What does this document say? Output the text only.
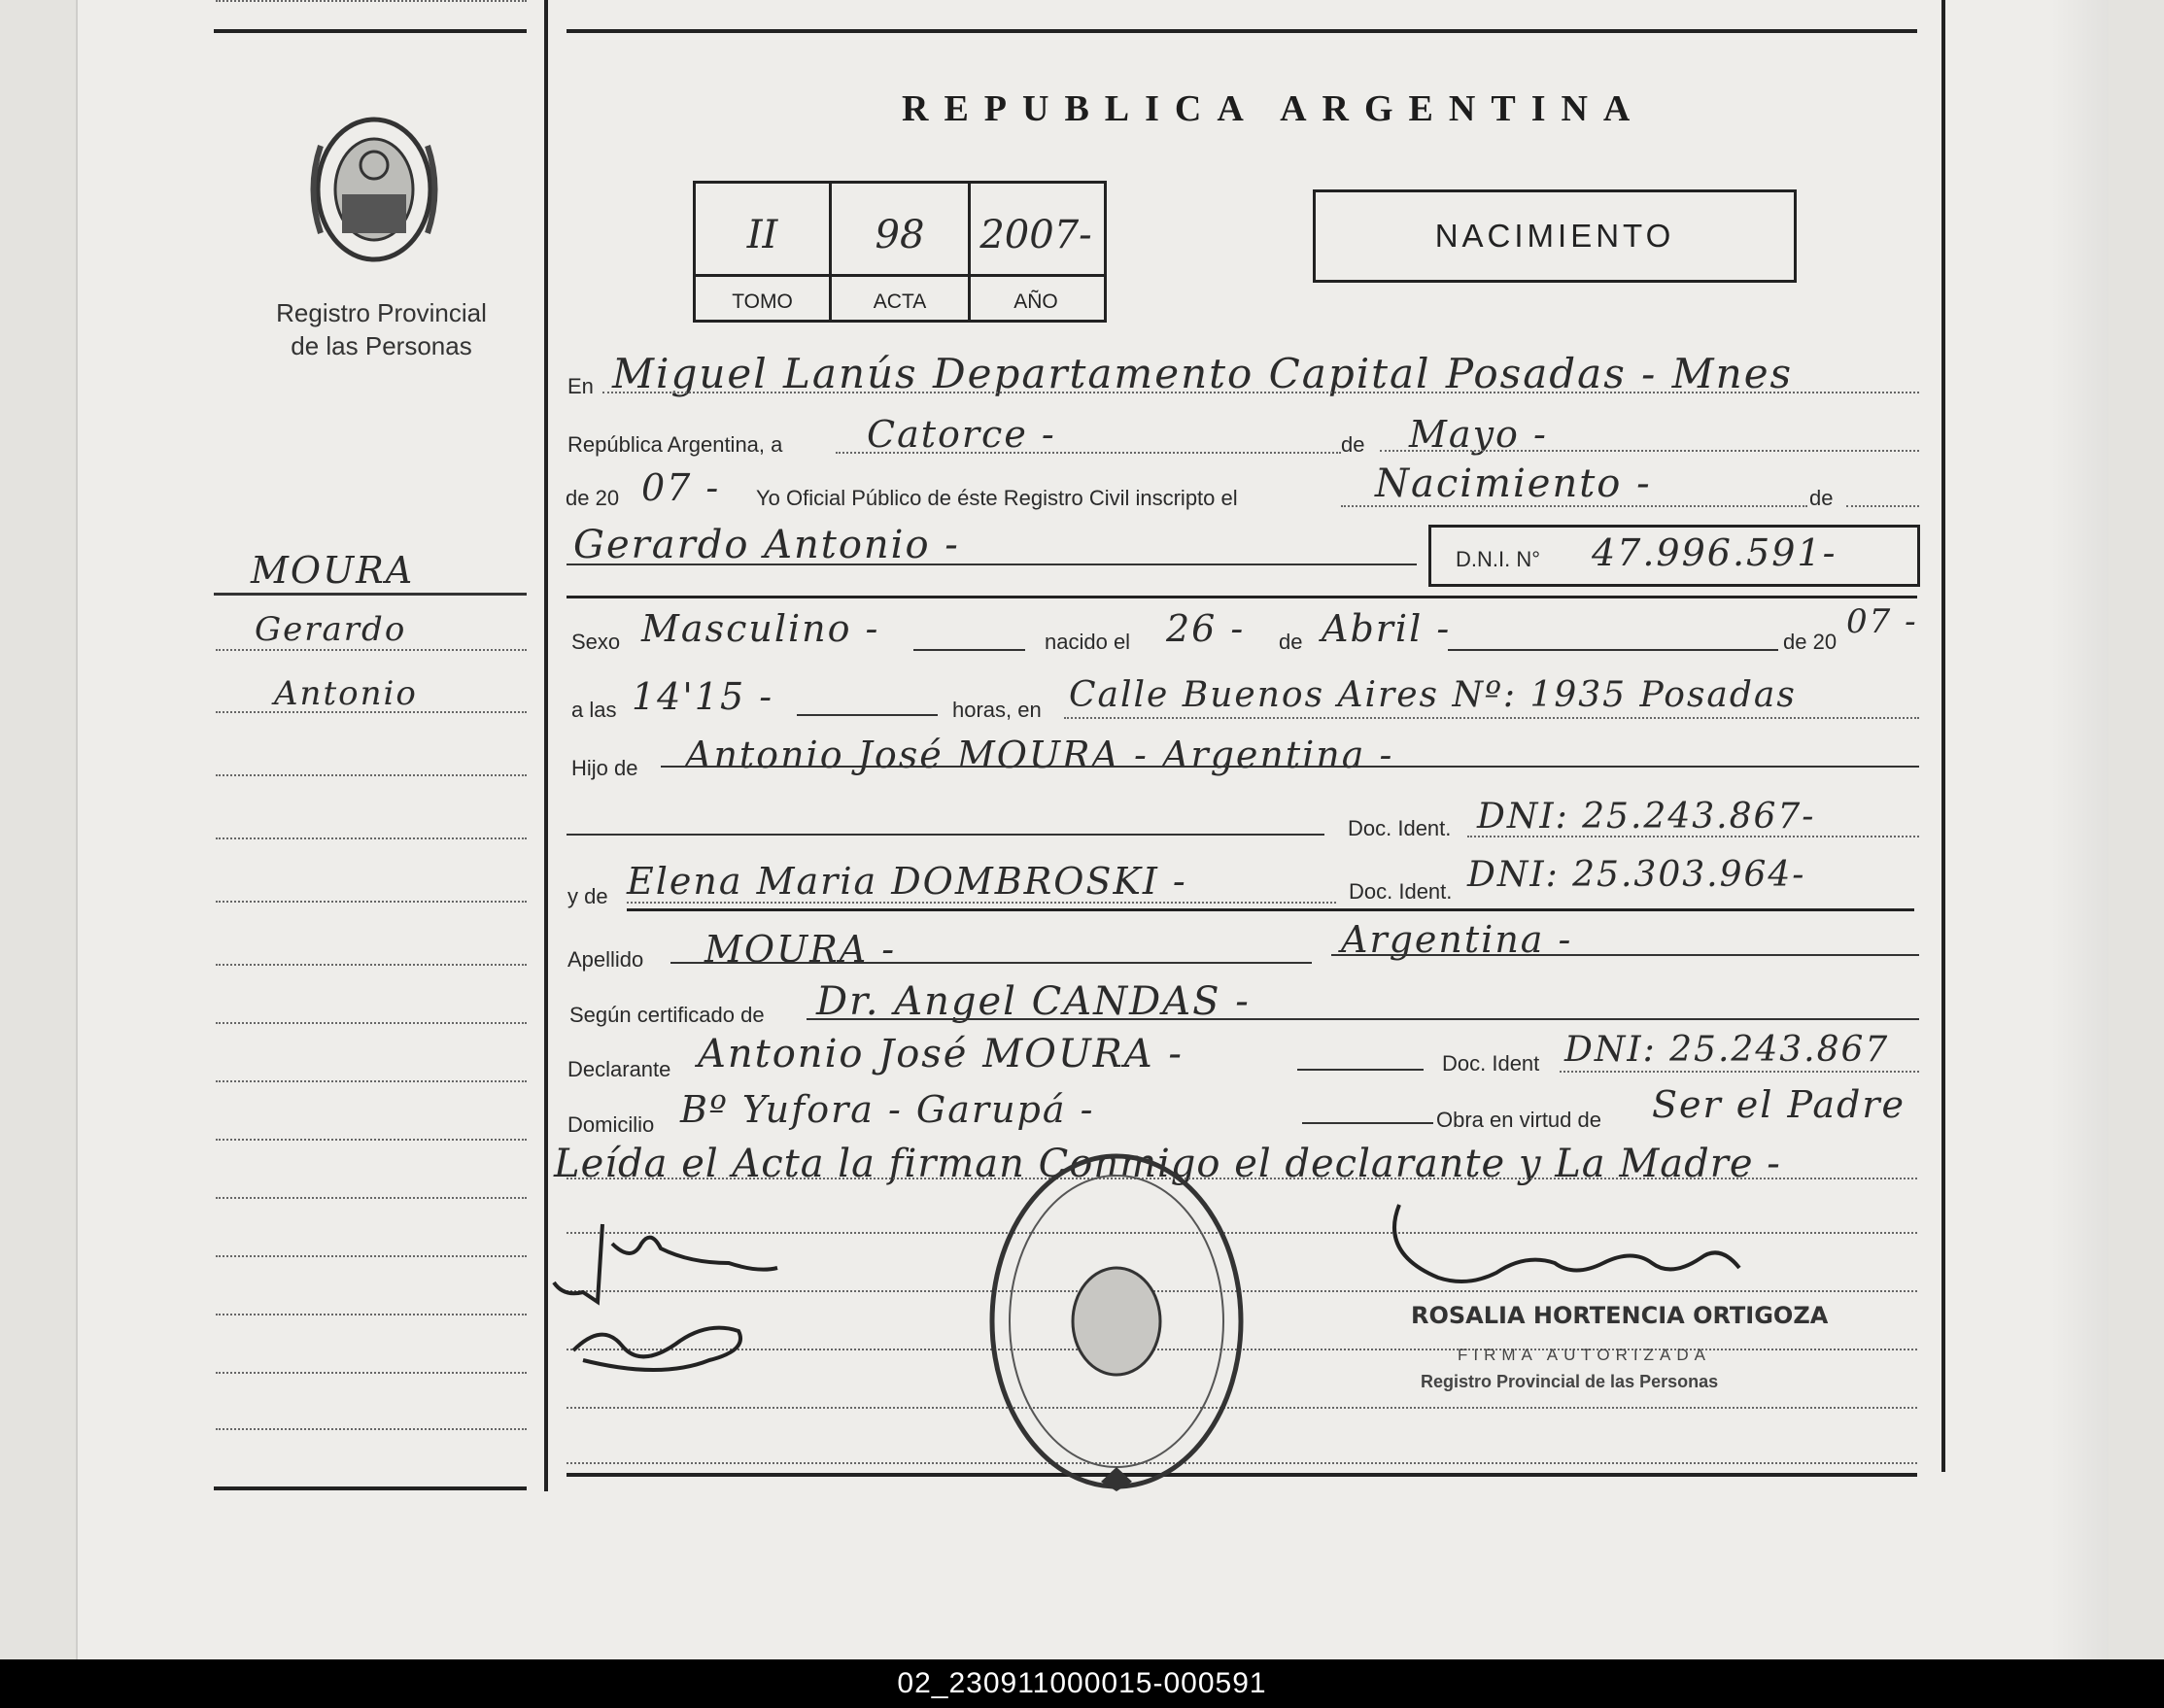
Registro Provincial
de las Personas
MOURA
Gerardo
Antonio
REPUBLICA ARGENTINA
II
TOMO
98
ACTA
2007-
AÑO
NACIMIENTO
En Miguel Lanús Departamento Capital Posadas - Mnes
República Argentina, a Catorce -	de Mayo -
de 20 07 - Yo Oficial Público de éste Registro Civil inscripto el	Nacimiento -	de
Gerardo Antonio -	D.N.I. N° 47.996.591-
Sexo Masculino -	nacido el 26 - de Abril -	de 20
07 -
a las 14'15 -	horas, en Calle Buenos Aires Nº: 1935 Posadas
Hijo de Antonio José MOURA - Argentina -
Doc. Ident. DNI: 25.243.867-
y de Elena Maria DOMBROSKI -	Doc. Ident. DNI: 25.303.964-
Apellido MOURA -	Argentina -
Según certificado de Dr. Angel CANDAS -
Declarante Antonio José MOURA -	Doc. Ident DNI: 25.243.867
Domicilio Bº Yufora - Garupá -	Obra en virtud de Ser el Padre
Leída el Acta la firman Conmigo el declarante y La Madre -
ROSALIA HORTENCIA ORTIGOZA
FIRMA AUTORIZADA
Registro Provincial de las Personas
02_230911000015-000591
